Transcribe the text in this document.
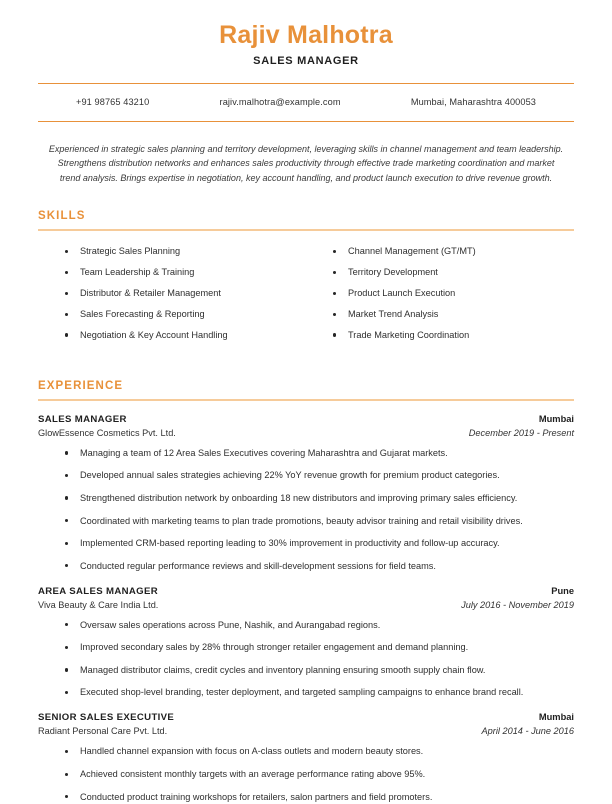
Rajiv Malhotra
SALES MANAGER
+91 98765 43210	rajiv.malhotra@example.com	Mumbai, Maharashtra 400053
Experienced in strategic sales planning and territory development, leveraging skills in channel management and team leadership. Strengthens distribution networks and enhances sales productivity through effective trade marketing coordination and market trend analysis. Brings expertise in negotiation, key account handling, and product launch execution to drive revenue growth.
SKILLS
Strategic Sales Planning
Team Leadership & Training
Distributor & Retailer Management
Sales Forecasting & Reporting
Negotiation & Key Account Handling
Channel Management (GT/MT)
Territory Development
Product Launch Execution
Market Trend Analysis
Trade Marketing Coordination
EXPERIENCE
SALES MANAGER	Mumbai
GlowEssence Cosmetics Pvt. Ltd.	December 2019 - Present
Managing a team of 12 Area Sales Executives covering Maharashtra and Gujarat markets.
Developed annual sales strategies achieving 22% YoY revenue growth for premium product categories.
Strengthened distribution network by onboarding 18 new distributors and improving primary sales efficiency.
Coordinated with marketing teams to plan trade promotions, beauty advisor training and retail visibility drives.
Implemented CRM-based reporting leading to 30% improvement in productivity and follow-up accuracy.
Conducted regular performance reviews and skill-development sessions for field teams.
AREA SALES MANAGER	Pune
Viva Beauty & Care India Ltd.	July 2016 - November 2019
Oversaw sales operations across Pune, Nashik, and Aurangabad regions.
Improved secondary sales by 28% through stronger retailer engagement and demand planning.
Managed distributor claims, credit cycles and inventory planning ensuring smooth supply chain flow.
Executed shop-level branding, tester deployment, and targeted sampling campaigns to enhance brand recall.
SENIOR SALES EXECUTIVE	Mumbai
Radiant Personal Care Pvt. Ltd.	April 2014 - June 2016
Handled channel expansion with focus on A-class outlets and modern beauty stores.
Achieved consistent monthly targets with an average performance rating above 95%.
Conducted product training workshops for retailers, salon partners and field promoters.
